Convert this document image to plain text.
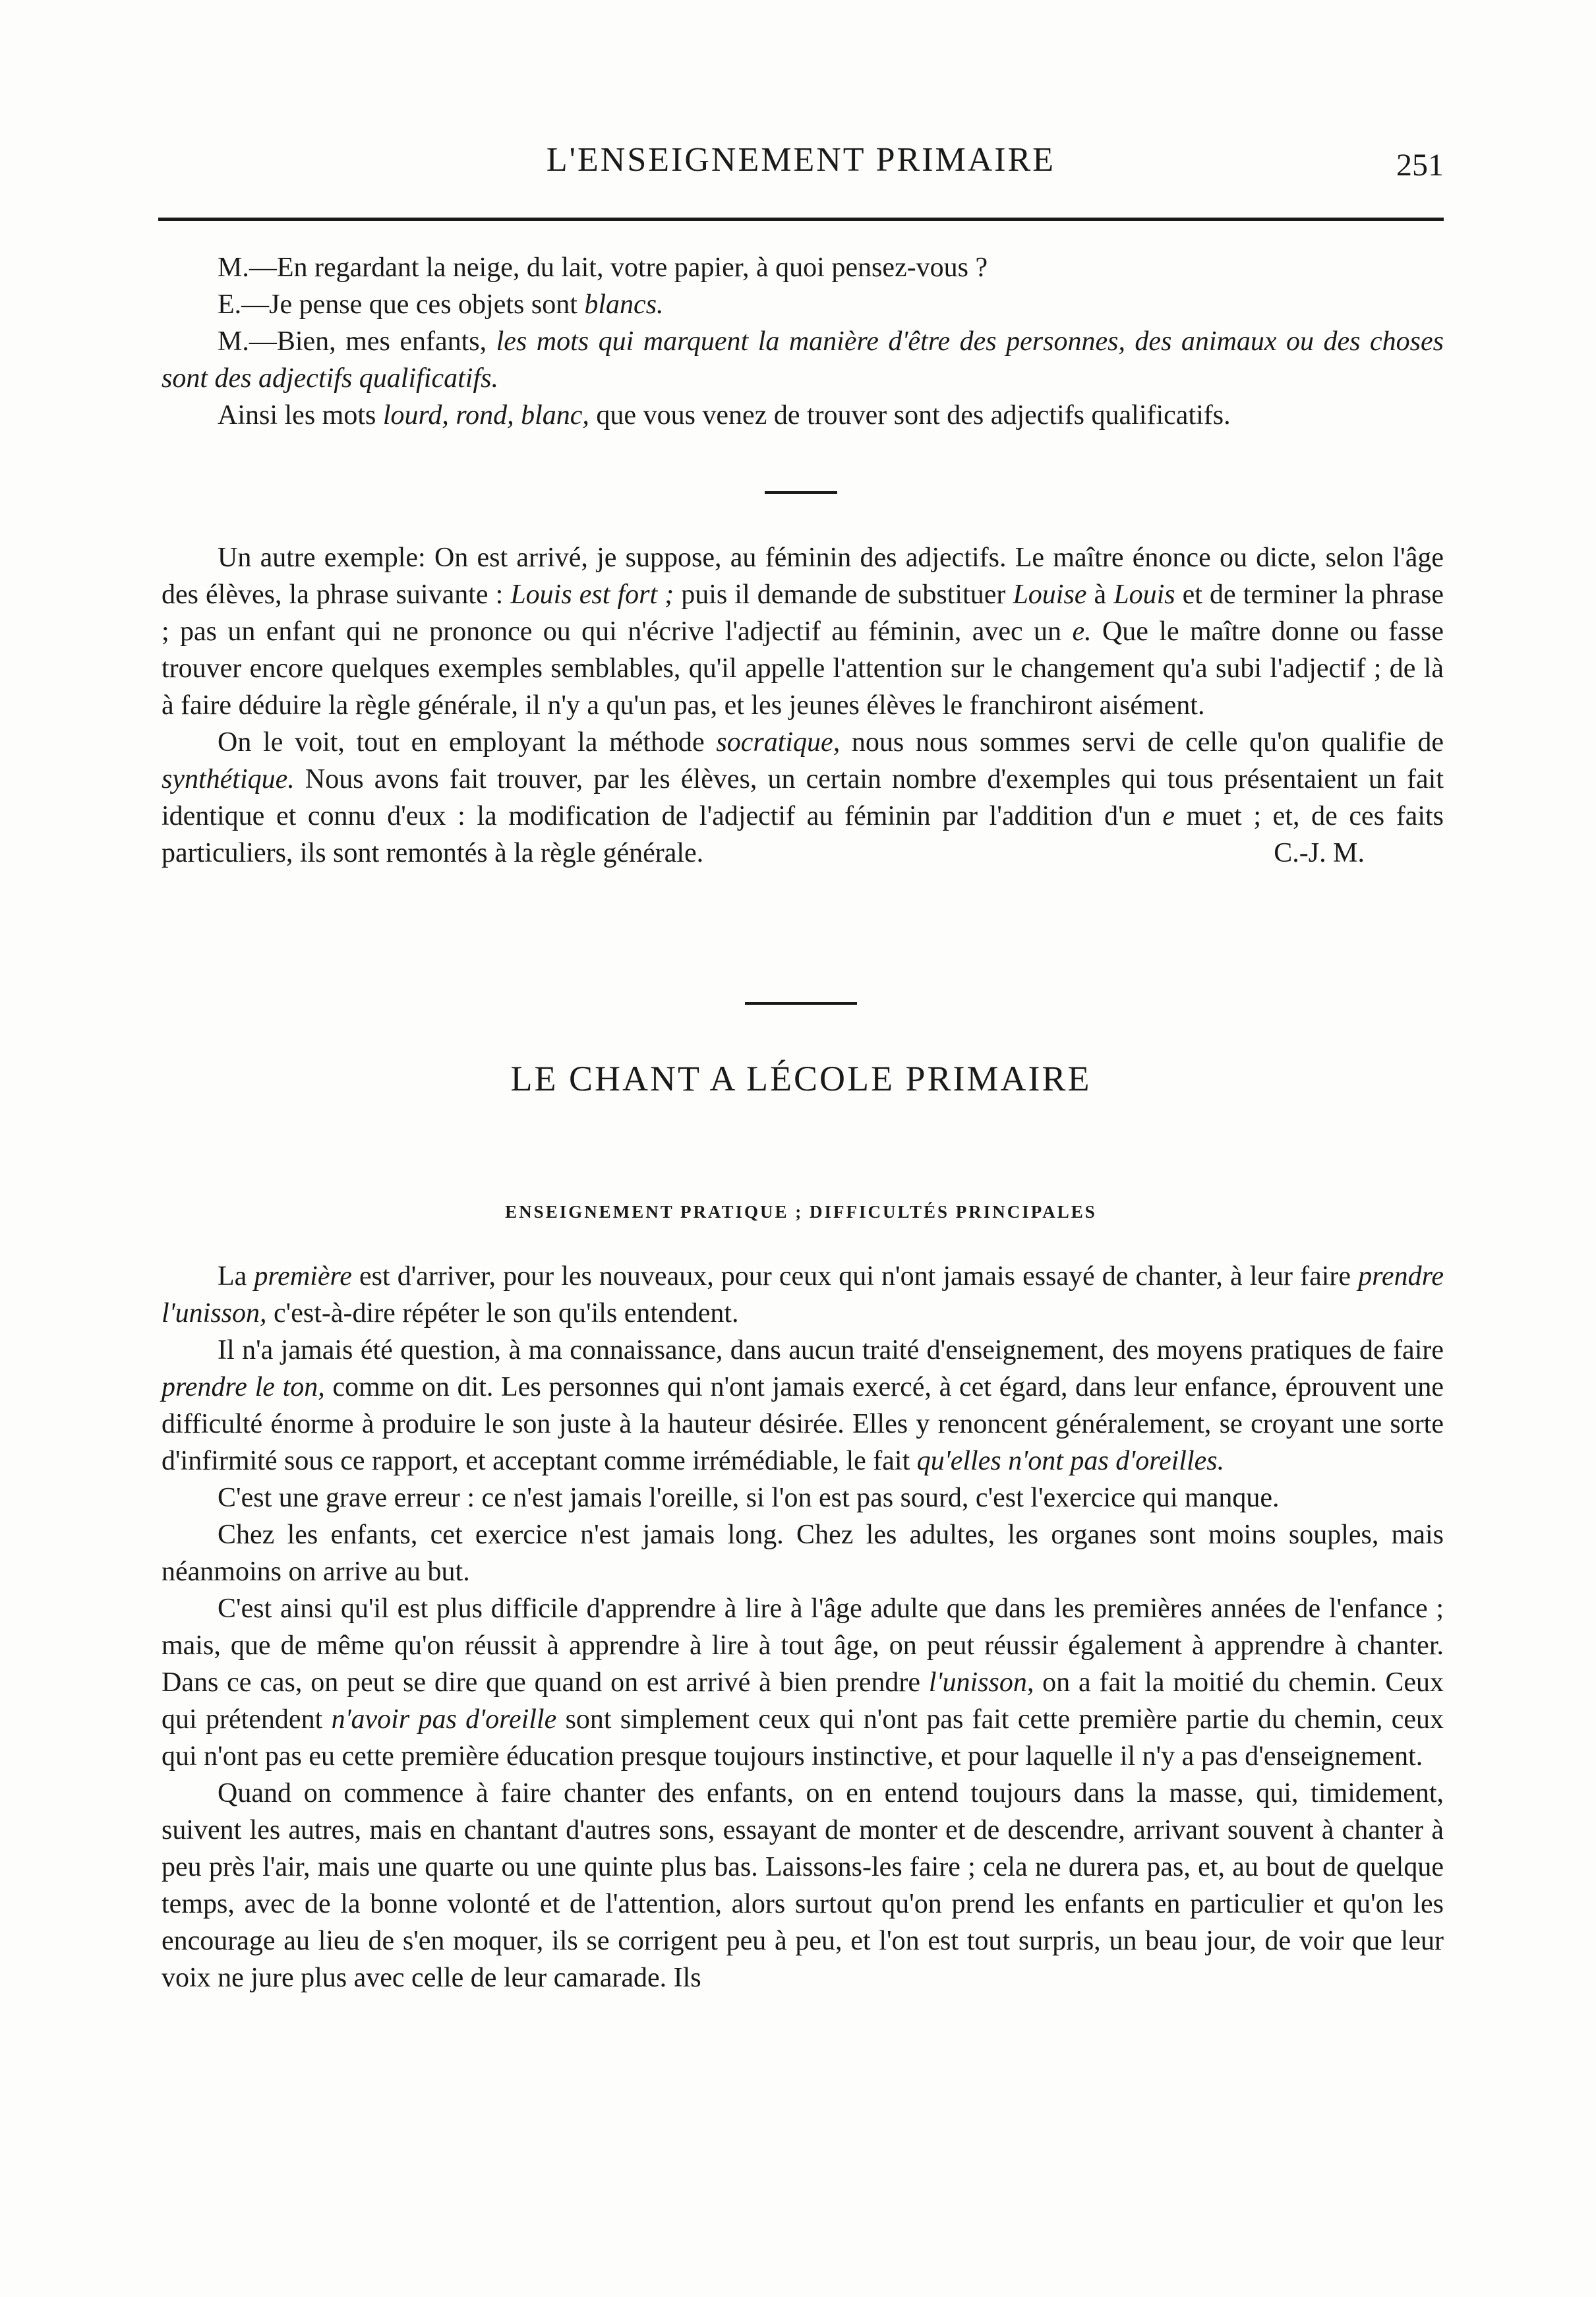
L'ENSEIGNEMENT PRIMAIRE	251

M.—En regardant la neige, du lait, votre papier, à quoi pensez-vous ?

E.—Je pense que ces objets sont blancs.

M.—Bien, mes enfants, les mots qui marquent la manière d'être des personnes, des animaux ou des choses sont des adjectifs qualificatifs.

Ainsi les mots lourd, rond, blanc, que vous venez de trouver sont des adjectifs qualificatifs.

Un autre exemple: On est arrivé, je suppose, au féminin des adjectifs. Le maître énonce ou dicte, selon l'âge des élèves, la phrase suivante : Louis est fort ; puis il demande de substituer Louise à Louis et de terminer la phrase ; pas un enfant qui ne prononce ou qui n'écrive l'adjectif au féminin, avec un e. Que le maître donne ou fasse trouver encore quelques exemples semblables, qu'il appelle l'attention sur le changement qu'a subi l'adjectif ; de là à faire déduire la règle générale, il n'y a qu'un pas, et les jeunes élèves le franchiront aisément.

On le voit, tout en employant la méthode socratique, nous nous sommes servi de celle qu'on qualifie de synthétique. Nous avons fait trouver, par les élèves, un certain nombre d'exemples qui tous présentaient un fait identique et connu d'eux : la modification de l'adjectif au féminin par l'addition d'un e muet ; et, de ces faits particuliers, ils sont remontés à la règle générale.	C.-J. M.

LE CHANT A LÉCOLE PRIMAIRE
ENSEIGNEMENT PRATIQUE ; DIFFICULTÉS PRINCIPALES

La première est d'arriver, pour les nouveaux, pour ceux qui n'ont jamais essayé de chanter, à leur faire prendre l'unisson, c'est-à-dire répéter le son qu'ils entendent.

Il n'a jamais été question, à ma connaissance, dans aucun traité d'enseignement, des moyens pratiques de faire prendre le ton, comme on dit. Les personnes qui n'ont jamais exercé, à cet égard, dans leur enfance, éprouvent une difficulté énorme à produire le son juste à la hauteur désirée. Elles y renoncent généralement, se croyant une sorte d'infirmité sous ce rapport, et acceptant comme irrémédiable, le fait qu'elles n'ont pas d'oreilles.

C'est une grave erreur : ce n'est jamais l'oreille, si l'on est pas sourd, c'est l'exercice qui manque.

Chez les enfants, cet exercice n'est jamais long. Chez les adultes, les organes sont moins souples, mais néanmoins on arrive au but.

C'est ainsi qu'il est plus difficile d'apprendre à lire à l'âge adulte que dans les premières années de l'enfance ; mais, que de même qu'on réussit à apprendre à lire à tout âge, on peut réussir également à apprendre à chanter. Dans ce cas, on peut se dire que quand on est arrivé à bien prendre l'unisson, on a fait la moitié du chemin. Ceux qui prétendent n'avoir pas d'oreille sont simplement ceux qui n'ont pas fait cette première partie du chemin, ceux qui n'ont pas eu cette première éducation presque toujours instinctive, et pour laquelle il n'y a pas d'enseignement.

Quand on commence à faire chanter des enfants, on en entend toujours dans la masse, qui, timidement, suivent les autres, mais en chantant d'autres sons, essayant de monter et de descendre, arrivant souvent à chanter à peu près l'air, mais une quarte ou une quinte plus bas. Laissons-les faire ; cela ne durera pas, et, au bout de quelque temps, avec de la bonne volonté et de l'attention, alors surtout qu'on prend les enfants en particulier et qu'on les encourage au lieu de s'en moquer, ils se corrigent peu à peu, et l'on est tout surpris, un beau jour, de voir que leur voix ne jure plus avec celle de leur camarade. Ils
